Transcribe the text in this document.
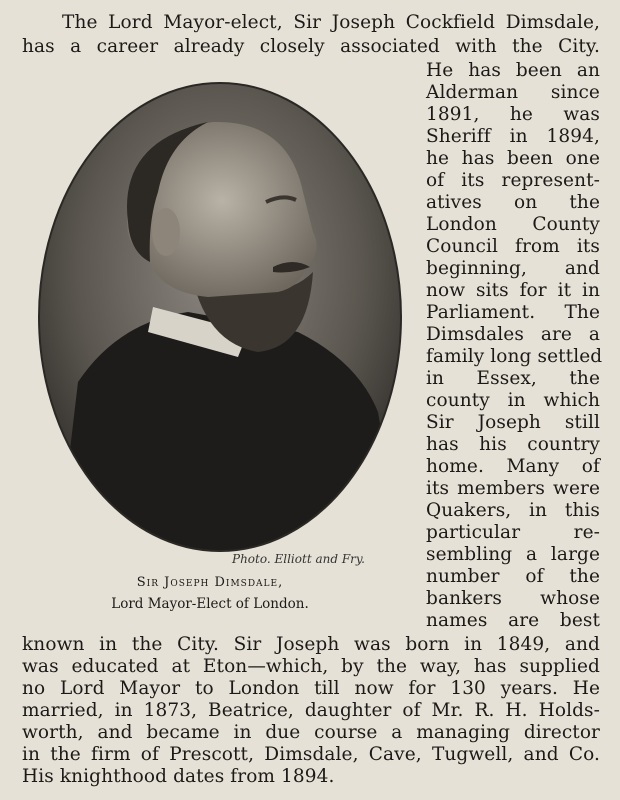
The Lord Mayor-elect, Sir Joseph Cockfield Dimsdale,
has a career already closely associated with the City.
Photo. Elliott and Fry.
Sir Joseph Dimsdale,
Lord Mayor-Elect of London.
He has been an
Alderman since
1891, he was
Sheriff in 1894,
he has been one
of its represent-
atives on the
London County
Council from its
beginning, and
now sits for it in
Parliament. The
Dimsdales are a
family long settled
in Essex, the
county in which
Sir Joseph still
has his country
home. Many of
its members were
Quakers, in this
particular re-
sembling a large
number of the
bankers whose
names are best
known in the City. Sir Joseph was born in 1849, and
was educated at Eton—which, by the way, has supplied
no Lord Mayor to London till now for 130 years. He
married, in 1873, Beatrice, daughter of Mr. R. H. Holds-
worth, and became in due course a managing director
in the firm of Prescott, Dimsdale, Cave, Tugwell, and Co.
His knighthood dates from 1894.
